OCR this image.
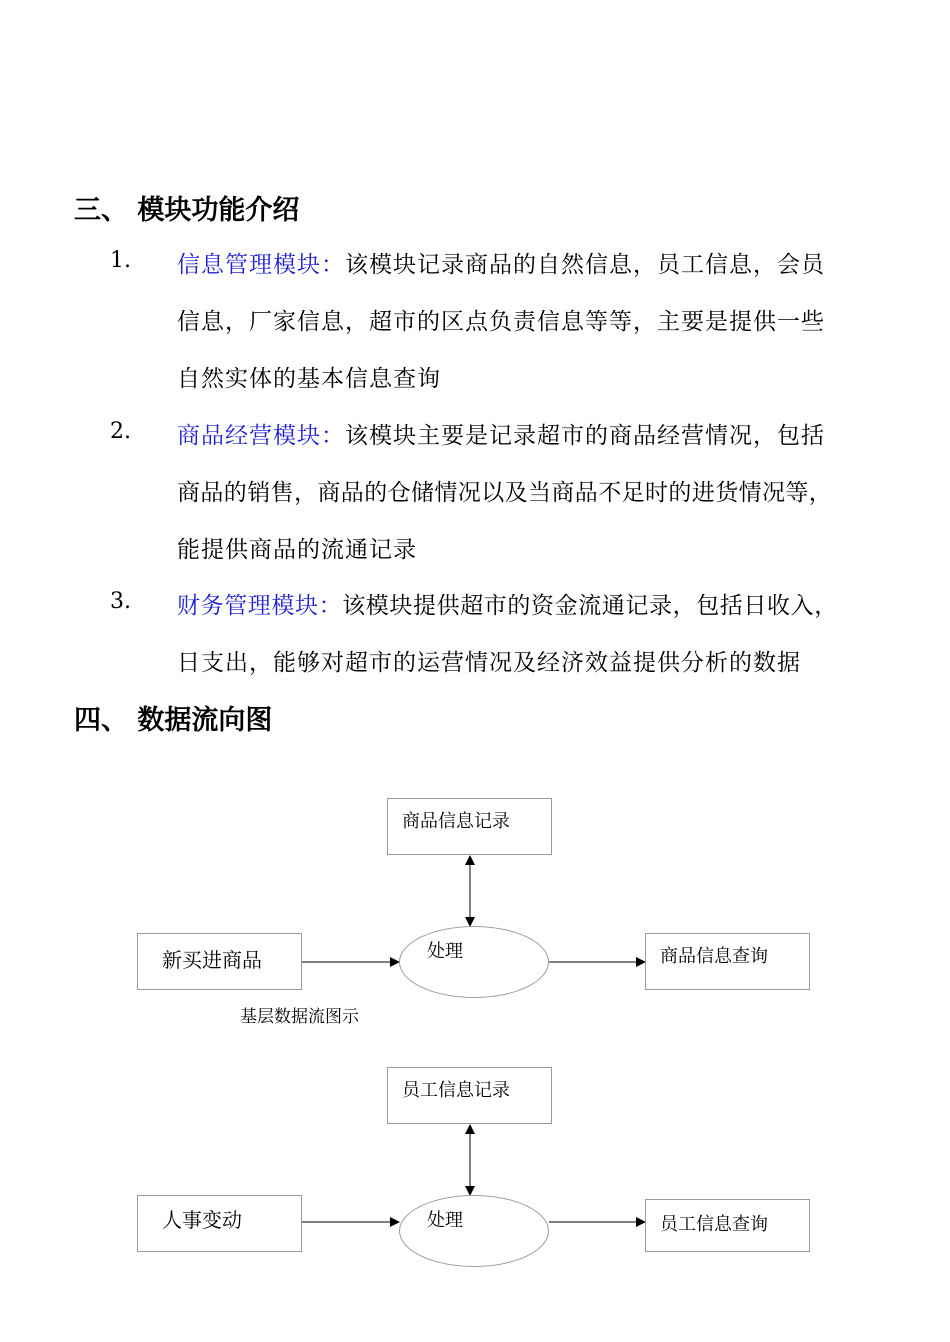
三、 模块功能介绍
1. 信息管理模块：该模块记录商品的自然信息，员工信息，会员
信息，厂家信息，超市的区点负责信息等等，主要是提供一些
自然实体的基本信息查询
2. 商品经营模块：该模块主要是记录超市的商品经营情况，包括
商品的销售，商品的仓储情况以及当商品不足时的进货情况等，
能提供商品的流通记录
3. 财务管理模块：该模块提供超市的资金流通记录，包括日收入，
日支出，能够对超市的运营情况及经济效益提供分析的数据
四、 数据流向图
商品信息记录
新买进商品	处理	商品信息查询
基层数据流图示
员工信息记录
人事变动	处理	员工信息查询
